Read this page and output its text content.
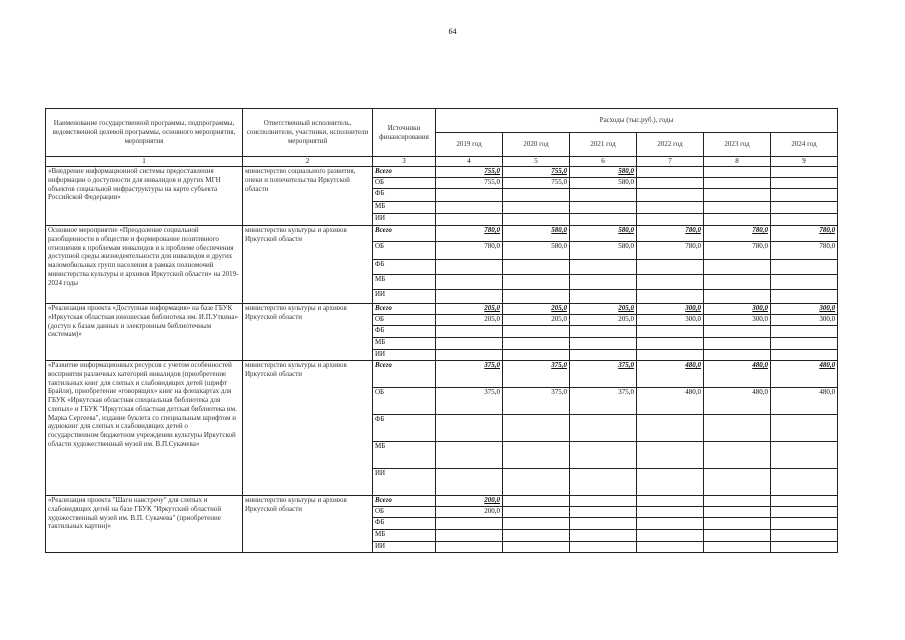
64
Наименование государственной программы, подпрограммы, ведомственной целевой программы, основного мероприятия, мероприятия	Ответственный исполнитель, соисполнители, участники, исполнители мероприятий	Источники финансирования	Расходы (тыс.руб.), годы					
			2019 год	2020 год	2021 год	2022 год	2023 год	2024 год
1	2	3	4	5	6	7	8	9
«Внедрение информационной системы предоставления информации о доступности для инвалидов и других МГН объектов социальной инфраструктуры на карте субъекта Российской Федерации»	министерство социального развития, опеки и попечительства Иркутской области	Всего	755,0	755,0	580,0			
		ОБ	755,0	755,0	580,0			
		ФБ						
		МБ						
		ИИ						
Основное мероприятие «Преодоление социальной разобщенности в обществе и формирование позитивного отношения к проблемам инвалидов и к проблеме обеспечения доступной среды жизнедеятельности для инвалидов и других маломобильных групп населения в рамках полномочий министерства культуры и архивов Иркутской области» на 2019-2024 годы	министерство культуры и архивов Иркутской области	Всего	780,0	580,0	580,0	780,0	780,0	780,0
		ОБ	780,0	580,0	580,0	780,0	780,0	780,0
		ФБ						
		МБ						
		ИИ						
«Реализация проекта «Доступная информация» на базе ГБУК «Иркутская областная юношеская библиотека им. И.П.Уткина» (доступ к базам данных и электронным библиотечным системам)»	министерство культуры и архивов Иркутской области	Всего	205,0	205,0	205,0	300,0	300,0	300,0
		ОБ	205,0	205,0	205,0	300,0	300,0	300,0
		ФБ						
		МБ						
		ИИ						
«Развитие информационных ресурсов с учетом особенностей восприятия различных категорий инвалидов (приобретение тактильных книг для слепых и слабовидящих детей (шрифт Брайля), приобретение «говорящих» книг на флешкартах для ГБУК «Иркутская областная специальная библиотека для слепых» и ГБУК "Иркутская областная детская библиотека им. Марка Сергеева", издание буклета со специальным шрифтом и аудиокниг для слепых и слабовидящих детей о государственном бюджетном учреждении культуры Иркутской области художественный музей им. В.П.Сукачева»	министерство культуры и архивов Иркутской области	Всего	375,0	375,0	375,0	480,0	480,0	480,0
		ОБ	375,0	375,0	375,0	480,0	480,0	480,0
		ФБ						
		МБ						
		ИИ						
«Реализация проекта "Шаги навстречу" для слепых и слабовидящих детей на базе ГБУК "Иркутский областной художественный музей им. В.П. Сукачева" (приобретение тактильных картин)»	министерство культуры и архивов Иркутской области	Всего	200,0					
		ОБ	200,0					
		ФБ						
		МБ						
		ИИ						
